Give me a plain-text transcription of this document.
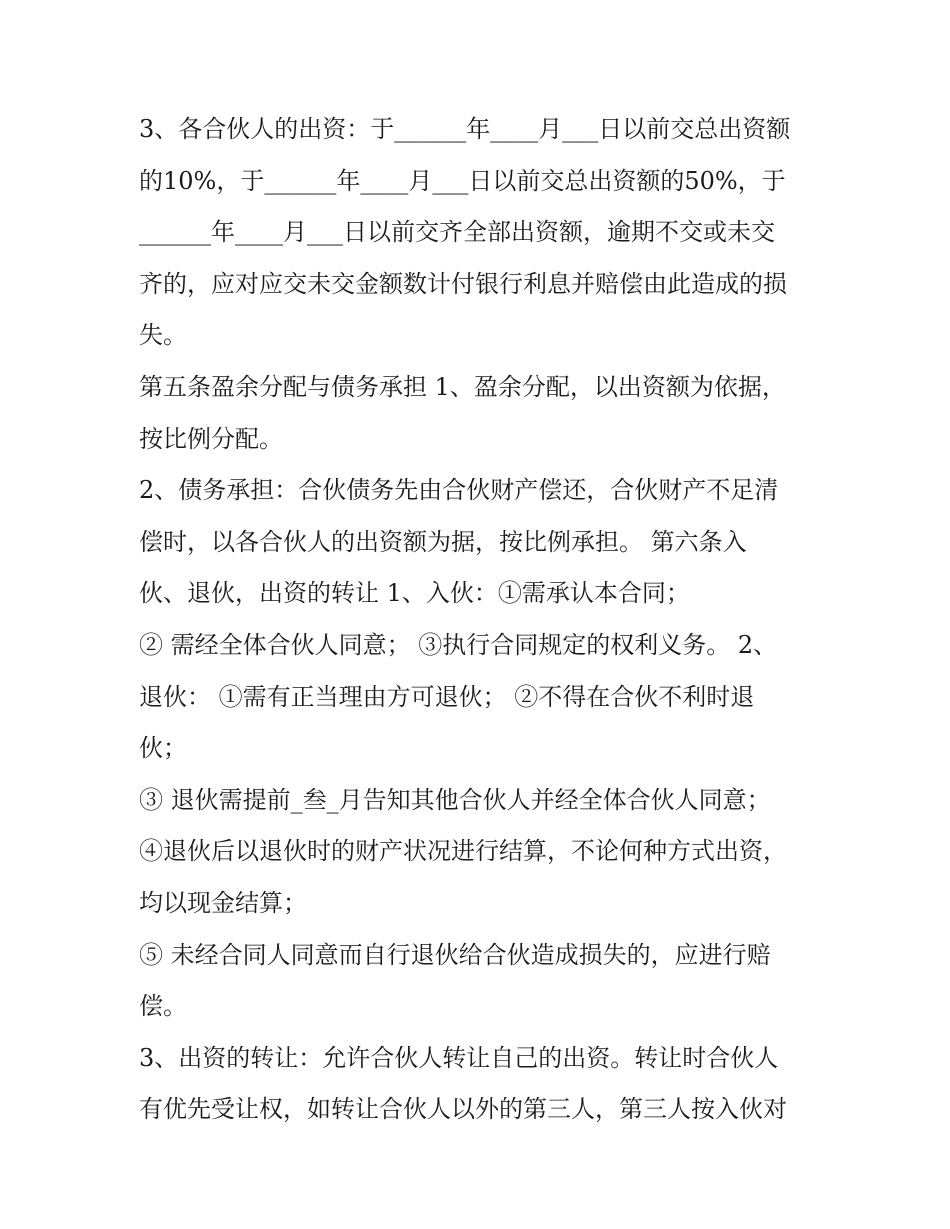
3、各合伙人的出资：于______年____月___日以前交总出资额
的10%，于______年____月___日以前交总出资额的50%，于
______年____月___日以前交齐全部出资额，逾期不交或未交
齐的，应对应交未交金额数计付银行利息并赔偿由此造成的损
失。
第五条盈余分配与债务承担 1、盈余分配，以出资额为依据，
按比例分配。
2、债务承担：合伙债务先由合伙财产偿还，合伙财产不足清
偿时，以各合伙人的出资额为据，按比例承担。 第六条入
伙、退伙，出资的转让 1、入伙：①需承认本合同；
② 需经全体合伙人同意； ③执行合同规定的权利义务。 2、
退伙： ①需有正当理由方可退伙； ②不得在合伙不利时退
伙；
③ 退伙需提前_叁_月告知其他合伙人并经全体合伙人同意；
④退伙后以退伙时的财产状况进行结算，不论何种方式出资，
均以现金结算；
⑤ 未经合同人同意而自行退伙给合伙造成损失的，应进行赔
偿。
3、出资的转让：允许合伙人转让自己的出资。转让时合伙人
有优先受让权，如转让合伙人以外的第三人，第三人按入伙对
